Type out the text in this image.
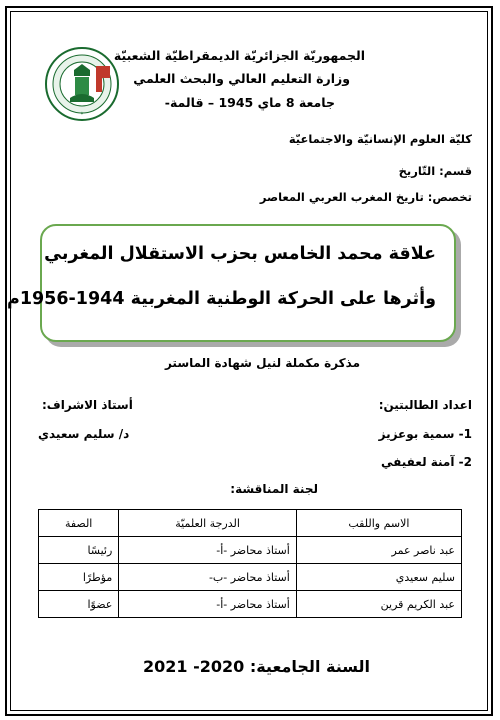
الجمهوريّة الجزائريّة الديمقراطيّة الشعبيّة
وزارة التعليم العالي والبحث العلمي
جامعة 8 ماي 1945 – قالمة-
✦
كليّة العلوم الإنسانيّة والاجتماعيّة
قسم: التّاريخ
تخصص: تاريخ المغرب العربي المعاصر
علاقة محمد الخامس بحزب الاستقلال المغربي
وأثرها على الحركة الوطنية المغربية 1944-1956م
مذكرة مكملة لنيل شهادة الماستر
اعداد الطالبتين:
1- سمية بوعزيز
2- آمنة لعفيفي
أستاذ الاشراف:
د/ سليم سعيدي
لجنة المناقشة:
الاسم واللقب	الدرجة العلميّة	الصفة
عبد ناصر عمر	أستاذ محاضر -أ-	رئيسًا
سليم سعيدي	أستاذ محاضر -ب-	مؤطرًا
عبد الكريم قرين	أستاذ محاضر -أ-	عضوًا
السنة الجامعية: 2020- 2021
